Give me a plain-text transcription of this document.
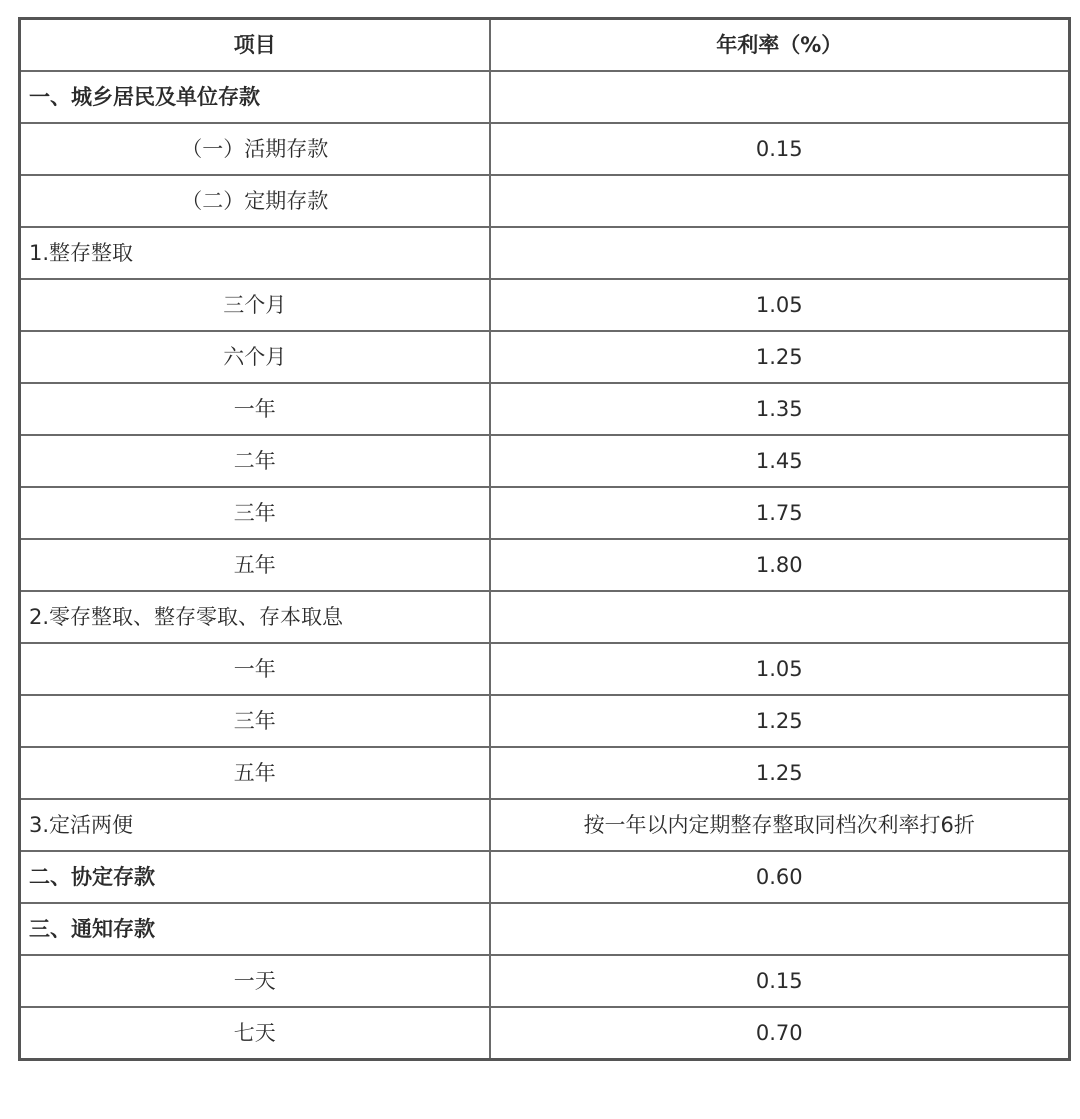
项目	年利率（%）
一、城乡居民及单位存款	
（一）活期存款	0.15
（二）定期存款	
1.整存整取	
三个月	1.05
六个月	1.25
一年	1.35
二年	1.45
三年	1.75
五年	1.80
2.零存整取、整存零取、存本取息	
一年	1.05
三年	1.25
五年	1.25
3.定活两便	按一年以内定期整存整取同档次利率打6折
二、协定存款	0.60
三、通知存款	
一天	0.15
七天	0.70
